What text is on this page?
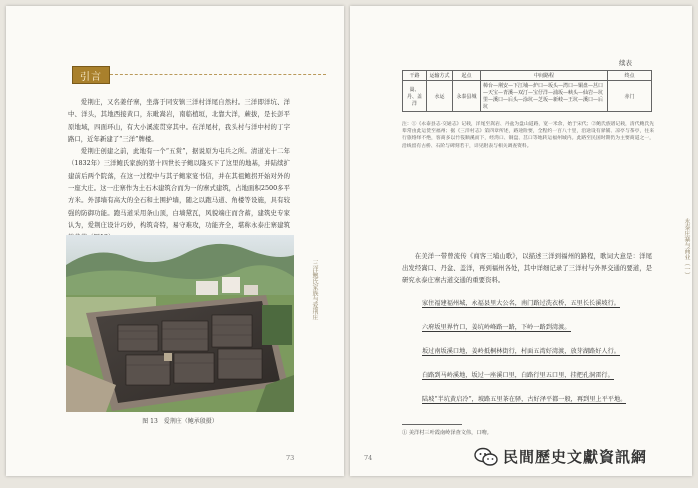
引言

爱荆庄，又名姜仔寨，坐落于同安镇三洋村洋尾自然村。三洋即洋坑、洋中、洋头，其地西接黄口，东毗嵩岩，南临植垣，北靠大洋，蕨拔，是长彭平原地域，四面环山，有大小溪流贯穿其中。在洋尾村，我头村与洋中村的丁字路口，近年新建了“三洋”牌楼。

爱荆庄创建之前，此地有一个“五赏”，据说原为屯兵之所。清道光十二年（1832年）三洋鲍氏家族的第十四世长子鲍以隆买下了这里的地基，并陆续扩建前后两个院落，在这一过程中与其子鲍家宴书信，并在其祖鲍拐开始对外的一座大庄。这一庄寨作为土石木建筑合而为一的寨式建筑，占地面积2500多平方米。外部墙有高大的全石和土围护墙，随之以跑马道、角楼等设施，具有较强的防御功能。跑马道采用条山顶，白墙黛瓦，风貌端庄而含蓄，建筑史专家认为，爱荆庄设计巧妙，构筑奇特，易守难攻，功能齐全，堪称永泰庄寨建筑

图 13　爱荆庄（鲍承殷摄）
三洋鲍氏家族与爱荆庄
73
续表
干路	运输方式	起点	中间路程	终点
嵩、丹、盖洋	水运	永泰县城	樟台—荆安—下江埔—炉口—坂头—湾口—铜盘—莒口—天宝—青溪—双汀—宝仔洋—浦坂—峡头—仙岩—坑里—溪口—后头—涂坑—芝坂—新岐—王坑—溪口—后坑	赤门
注：①《永泰县志·交通志》记载，洋尾至嵩岩、丹盆为盘山道路，宽一米余，始于宋代；②鲍氏族谱记载，清代鲍氏先辈常由此运货至福州；据《三洋村志》第四章所述，路途险要，全程约一百八十里，沿途设有驿铺、凉亭与茶亭，往来行旅络绎不绝，客商多以竹筏顺溪而下，经湾口、铜盘、莒口等地转运福州城内。此路至民国时期仍为主要商道之一，沿线留有古桥、石阶与碑刻若干，详见附表与相关调查资料。

在美洋一带曾流传《商客三埔山歌》，以描述三洋到福州的路程，歌词大意是：洋尾出发经嵩口、丹盆、盖洋，再到福州各处，其中详细记录了三洋村与外界交通的要道，是研究永泰庄寨古道交通的重要资料。

家住福建福州城，永福县里大公名，南门路过洗衣桥，五里长长溪坡行。
六府坂里界竹口，姜坑岭峰路一路，下岭一路到湾渡。
坂过南坂溪口地，姜岭抵桐林街行，村面五湾好湾渡，放芽湖路好人行。
白路到马岭溪地，坂过一座溪口里，白路行里五口里，挂把孔洞雷行。
陆坡“半坑黄启冷”，坡路五里茶在驿，古好泽平都一般，再到里上平平地。
① 美洋村三叶霞南岭泽查文伟，口吻。
永泰庄寨与商业（一）
74	民間歷史文獻資訊網
